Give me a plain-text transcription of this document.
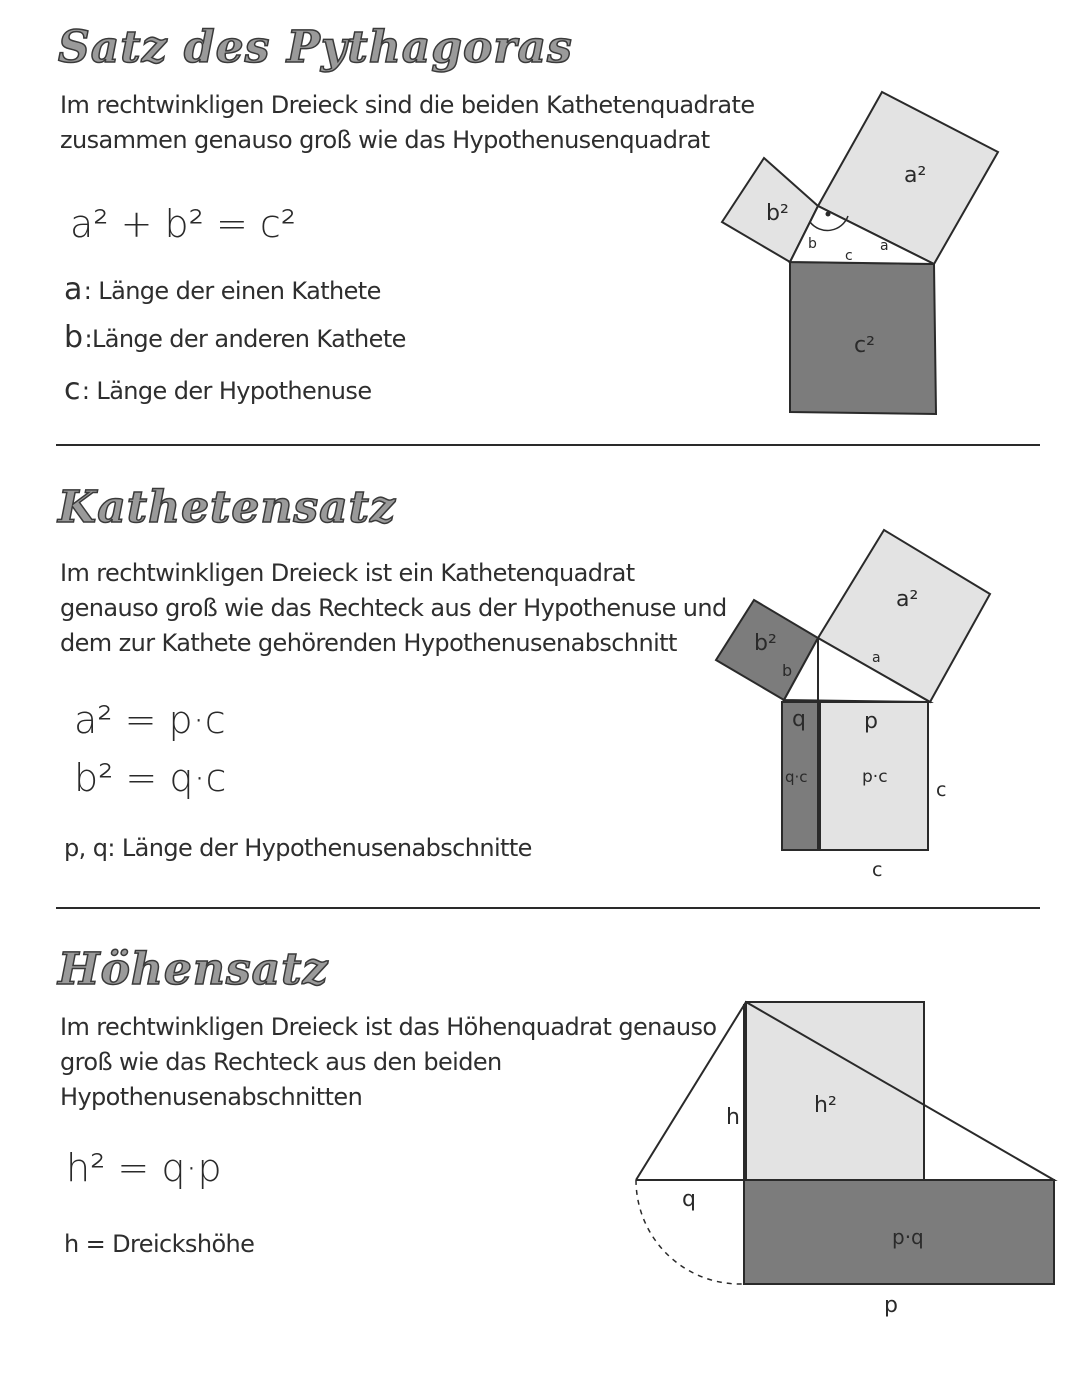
Satz des Pythagoras
Im rechtwinkligen Dreieck sind die beiden Kathetenquadrate
zusammen genauso groß wie das Hypothenusenquadrat
a² + b² = c²
a: Länge der einen Kathete
b:Länge der anderen Kathete
c: Länge der Hypothenuse
a²
b²
c²
b
c
a
Kathetensatz
Im rechtwinkligen Dreieck ist ein Kathetenquadrat
genauso groß wie das Rechteck aus der Hypothenuse und
dem zur Kathete gehörenden Hypothenusenabschnitt
a² = p·c
b² = q·c
p, q: Länge der Hypothenusenabschnitte
a²
b²
a
b
q	p
q·c	p·c
c
c
Höhensatz
Im rechtwinkligen Dreieck ist das Höhenquadrat genauso
groß wie das Rechteck aus den beiden
Hypothenusenabschnitten
h² = q·p
h = Dreickshöhe
h	h²
q
p·q
p
